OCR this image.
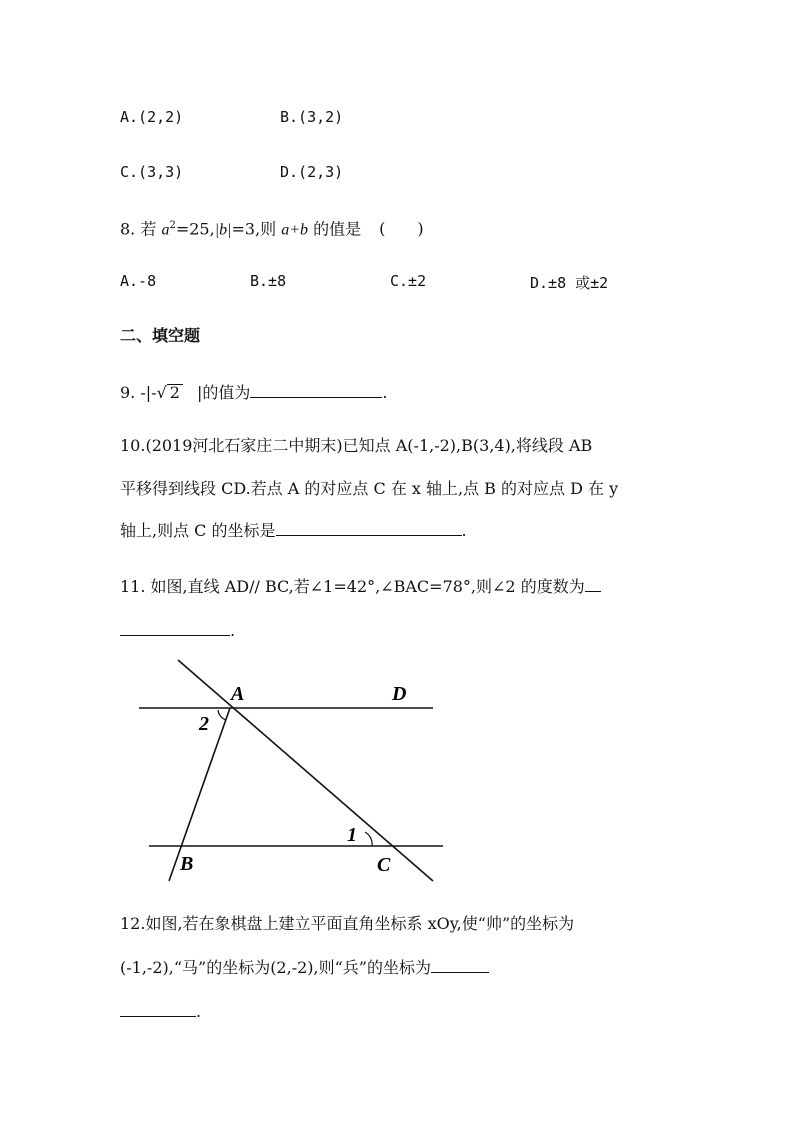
A.(2,2)	B.(3,2)
C.(3,3)	D.(2,3)
8. 若 $a^2=25,|b|=3$,则 a+b 的值是 (　　)
A.-8	B.±8	C.±2	D.±8 或±2
二、填空题
9. -|-√ 2 |的值为	.
10.(2019河北石家庄二中期末)已知点 A(-1,-2),B(3,4),将线段 AB
平移得到线段 CD.若点 A 的对应点 C 在 x 轴上,点 B 的对应点 D 在 y
轴上,则点 C 的坐标是	.
11. 如图,直线 AD// BC,若∠1=42°,∠BAC=78°,则∠2 的度数为
.
A	D
2
1
B	C
12.如图,若在象棋盘上建立平面直角坐标系 xOy,使“帅”的坐标为
(-1,-2),“马”的坐标为(2,-2),则“兵”的坐标为
.
